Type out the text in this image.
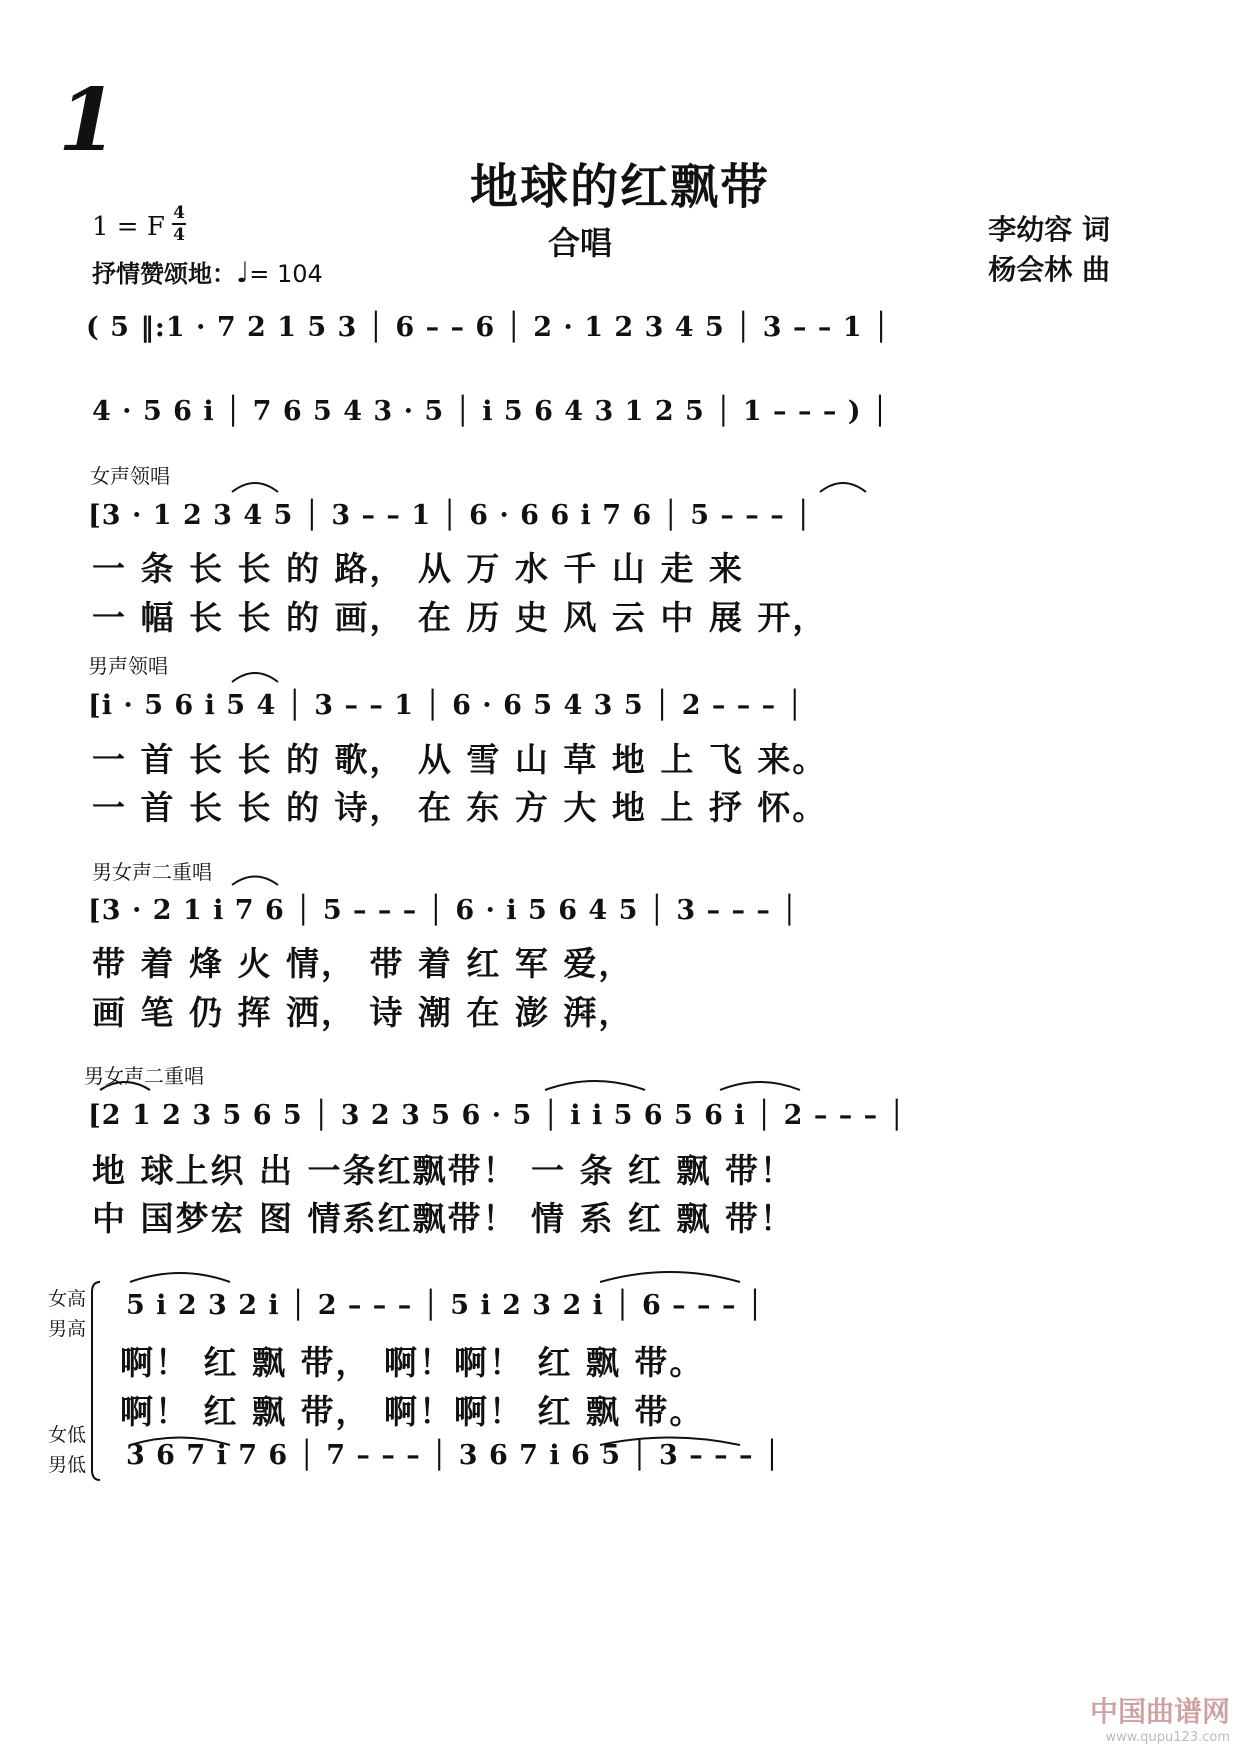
1
地球的红飘带
合唱
1 = F 4
4
抒情赞颂地：♩= 104
李幼容 词
杨会林 曲
( 5 ‖:1 · 7 2 1 5 3 │ 6 – – 6 │ 2 · 1 2 3 4 5 │ 3 – – 1 │
4 · 5 6 i │ 7 6 5 4 3 · 5 │ i 5 6 4 3 1 2 5 │ 1 – – – ) │
女声领唱
[3 · 1 2 3 4 5 │ 3 – – 1 │ 6 · 6 6 i 7 6 │ 5 – – – │
一 条 长 长 的 路， 从 万 水 千 山 走 来
一 幅 长 长 的 画， 在 历 史 风 云 中 展 开，
男声领唱
[i · 5 6 i 5 4 │ 3 – – 1 │ 6 · 6 5 4 3 5 │ 2 – – – │
一 首 长 长 的 歌， 从 雪 山 草 地 上 飞 来。
一 首 长 长 的 诗， 在 东 方 大 地 上 抒 怀。
男女声二重唱
[3 · 2 1 i 7 6 │ 5 – – – │ 6 · i 5 6 4 5 │ 3 – – – │
带 着 烽 火 情， 带 着 红 军 爱，
画 笔 仍 挥 洒， 诗 潮 在 澎 湃，
男女声二重唱
[2 1 2 3 5 6 5 │ 3 2 3 5 6 · 5 │ i i 5 6 5 6 i │ 2 – – – │
地 球上织 出 一条红飘带！ 一 条 红 飘 带！
中 国梦宏 图 情系红飘带！ 情 系 红 飘 带！
女高
男高
女低
男低
5 i 2 3 2 i │ 2 – – – │ 5 i 2 3 2 i │ 6 – – – │
啊！ 红 飘 带， 啊！啊！ 红 飘 带。
啊！ 红 飘 带， 啊！啊！ 红 飘 带。
3 6 7 i 7 6 │ 7 – – – │ 3 6 7 i 6 5 │ 3 – – – │
中国曲谱网
www.qupu123.com
